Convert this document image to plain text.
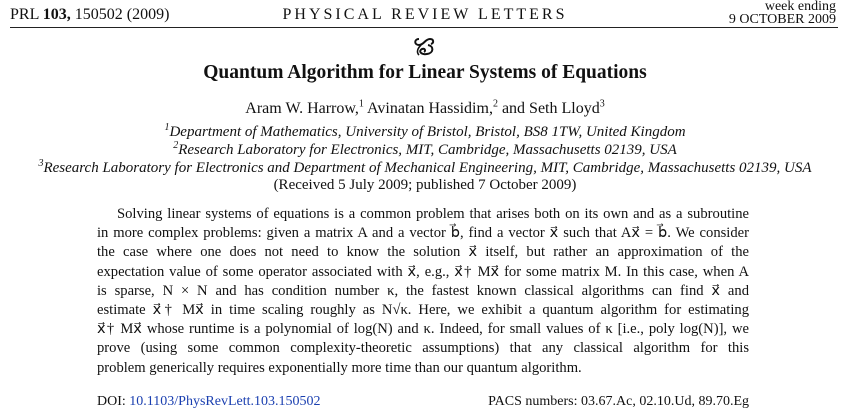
PRL 103, 150502 (2009)	PHYSICAL REVIEW LETTERS	week ending
9 OCTOBER 2009
Quantum Algorithm for Linear Systems of Equations
Aram W. Harrow,$^1$ Avinatan Hassidim,$^2$ and Seth Lloyd$^3$
$^1$Department of Mathematics, University of Bristol, Bristol, BS8 1TW, United Kingdom
$^2$Research Laboratory for Electronics, MIT, Cambridge, Massachusetts 02139, USA
$^3$Research Laboratory for Electronics and Department of Mechanical Engineering, MIT, Cambridge, Massachusetts 02139, USA
(Received 5 July 2009; published 7 October 2009)
Solving linear systems of equations is a common problem that arises both on its own and as a subroutine
in more complex problems: given a matrix A and a vector b⃗, find a vector x⃗ such that Ax⃗ = b⃗. We consider
the case where one does not need to know the solution x⃗ itself, but rather an approximation of the
expectation value of some operator associated with x⃗, e.g., x⃗† Mx⃗ for some matrix M. In this case, when A
is sparse, N × N and has condition number κ, the fastest known classical algorithms can find x⃗ and
estimate x⃗† Mx⃗ in time scaling roughly as N√κ. Here, we exhibit a quantum algorithm for estimating
x⃗† Mx⃗ whose runtime is a polynomial of log(N) and κ. Indeed, for small values of κ [i.e., poly log(N)], we
prove (using some common complexity-theoretic assumptions) that any classical algorithm for this
problem generically requires exponentially more time than our quantum algorithm.
DOI: 10.1103/PhysRevLett.103.150502	PACS numbers: 03.67.Ac, 02.10.Ud, 89.70.Eg
